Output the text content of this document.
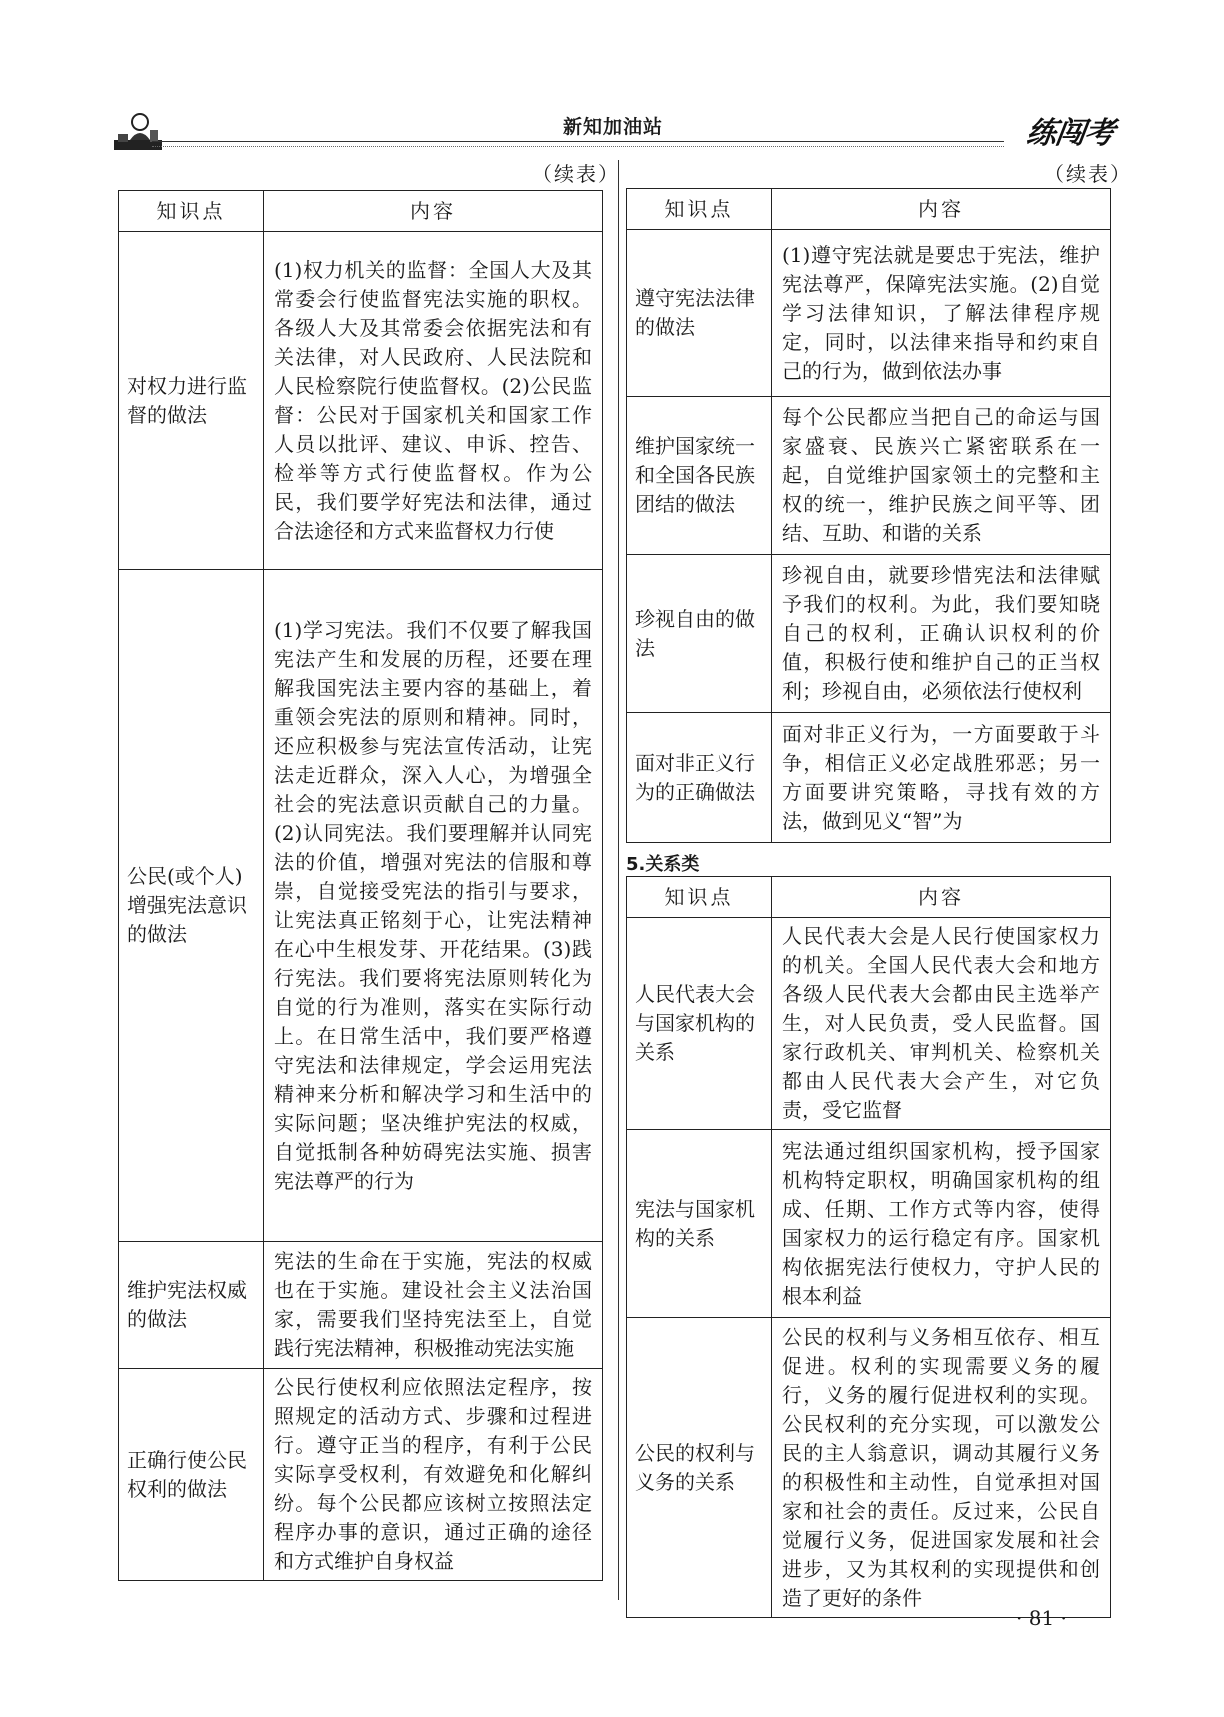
新知加油站	练闯考
（续表）
知识点	内容
对权力进行监督的做法	(1)权力机关的监督：全国人大及其常委会行使监督宪法实施的职权。各级人大及其常委会依据宪法和有关法律，对人民政府、人民法院和人民检察院行使监督权。(2)公民监督：公民对于国家机关和国家工作人员以批评、建议、申诉、控告、检举等方式行使监督权。作为公民，我们要学好宪法和法律，通过合法途径和方式来监督权力行使
公民(或个人)增强宪法意识的做法	(1)学习宪法。我们不仅要了解我国宪法产生和发展的历程，还要在理解我国宪法主要内容的基础上，着重领会宪法的原则和精神。同时，还应积极参与宪法宣传活动，让宪法走近群众，深入人心，为增强全社会的宪法意识贡献自己的力量。(2)认同宪法。我们要理解并认同宪法的价值，增强对宪法的信服和尊崇，自觉接受宪法的指引与要求，让宪法真正铭刻于心，让宪法精神在心中生根发芽、开花结果。(3)践行宪法。我们要将宪法原则转化为自觉的行为准则，落实在实际行动上。在日常生活中，我们要严格遵守宪法和法律规定，学会运用宪法精神来分析和解决学习和生活中的实际问题；坚决维护宪法的权威，自觉抵制各种妨碍宪法实施、损害宪法尊严的行为
维护宪法权威的做法	宪法的生命在于实施，宪法的权威也在于实施。建设社会主义法治国家，需要我们坚持宪法至上，自觉践行宪法精神，积极推动宪法实施
正确行使公民权利的做法	公民行使权利应依照法定程序，按照规定的活动方式、步骤和过程进行。遵守正当的程序，有利于公民实际享受权利，有效避免和化解纠纷。每个公民都应该树立按照法定程序办事的意识，通过正确的途径和方式维护自身权益
（续表）
知识点	内容
遵守宪法法律的做法	(1)遵守宪法就是要忠于宪法，维护宪法尊严，保障宪法实施。(2)自觉学习法律知识，了解法律程序规定，同时，以法律来指导和约束自己的行为，做到依法办事
维护国家统一和全国各民族团结的做法	每个公民都应当把自己的命运与国家盛衰、民族兴亡紧密联系在一起，自觉维护国家领土的完整和主权的统一，维护民族之间平等、团结、互助、和谐的关系
珍视自由的做法	珍视自由，就要珍惜宪法和法律赋予我们的权利。为此，我们要知晓自己的权利，正确认识权利的价值，积极行使和维护自己的正当权利；珍视自由，必须依法行使权利
面对非正义行为的正确做法	面对非正义行为，一方面要敢于斗争，相信正义必定战胜邪恶；另一方面要讲究策略，寻找有效的方法，做到见义“智”为
5.关系类
知识点	内容
人民代表大会与国家机构的关系	人民代表大会是人民行使国家权力的机关。全国人民代表大会和地方各级人民代表大会都由民主选举产生，对人民负责，受人民监督。国家行政机关、审判机关、检察机关都由人民代表大会产生，对它负责，受它监督
宪法与国家机构的关系	宪法通过组织国家机构，授予国家机构特定职权，明确国家机构的组成、任期、工作方式等内容，使得国家权力的运行稳定有序。国家机构依据宪法行使权力，守护人民的根本利益
公民的权利与义务的关系	公民的权利与义务相互依存、相互促进。权利的实现需要义务的履行，义务的履行促进权利的实现。公民权利的充分实现，可以激发公民的主人翁意识，调动其履行义务的积极性和主动性，自觉承担对国家和社会的责任。反过来，公民自觉履行义务，促进国家发展和社会进步，又为其权利的实现提供和创造了更好的条件
· 81 ·
